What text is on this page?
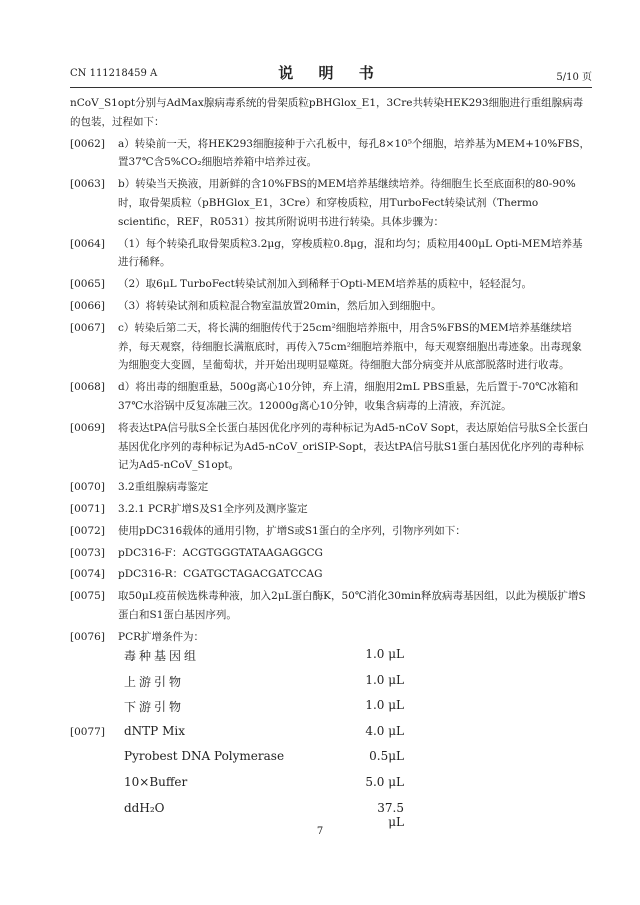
CN 111218459 A	说 明 书	5/10 页
nCoV_S1opt分别与AdMax腺病毒系统的骨架质粒pBHGlox_E1，3Cre共转染HEK293细胞进行重组腺病毒的包装，过程如下：
[0062]	a）转染前一天，将HEK293细胞接种于六孔板中，每孔8×10⁵个细胞，培养基为MEM+10%FBS，置37℃含5%CO₂细胞培养箱中培养过夜。
[0063]	b）转染当天换液，用新鲜的含10%FBS的MEM培养基继续培养。待细胞生长至底面积的80-90%时，取骨架质粒（pBHGlox_E1，3Cre）和穿梭质粒，用TurboFect转染试剂（Thermo scientific，REF，R0531）按其所附说明书进行转染。具体步骤为：
[0064]	（1）每个转染孔取骨架质粒3.2μg，穿梭质粒0.8μg，混和均匀；质粒用400μL Opti-MEM培养基进行稀释。
[0065]	（2）取6μL TurboFect转染试剂加入到稀释于Opti-MEM培养基的质粒中，轻轻混匀。
[0066]	（3）将转染试剂和质粒混合物室温放置20min，然后加入到细胞中。
[0067]	c）转染后第二天，将长满的细胞传代于25cm²细胞培养瓶中，用含5%FBS的MEM培养基继续培养，每天观察，待细胞长满瓶底时，再传入75cm²细胞培养瓶中，每天观察细胞出毒迹象。出毒现象为细胞变大变圆，呈葡萄状，并开始出现明显噬斑。待细胞大部分病变并从底部脱落时进行收毒。
[0068]	d）将出毒的细胞重悬，500g离心10分钟，弃上清，细胞用2mL PBS重悬，先后置于-70℃冰箱和37℃水浴锅中反复冻融三次。12000g离心10分钟，收集含病毒的上清液，弃沉淀。
[0069]	将表达tPA信号肽S全长蛋白基因优化序列的毒种标记为Ad5-nCoV Sopt，表达原始信号肽S全长蛋白基因优化序列的毒种标记为Ad5-nCoV_oriSIP-Sopt，表达tPA信号肽S1蛋白基因优化序列的毒种标记为Ad5-nCoV_S1opt。
[0070]	3.2重组腺病毒鉴定
[0071]	3.2.1 PCR扩增S及S1全序列及测序鉴定
[0072]	使用pDC316载体的通用引物，扩增S或S1蛋白的全序列，引物序列如下：
[0073]	pDC316-F：ACGTGGGTATAAGAGGCG
[0074]	pDC316-R：CGATGCTAGACGATCCAG
[0075]	取50μL疫苗候选株毒种液，加入2μL蛋白酶K，50℃消化30min释放病毒基因组，以此为模版扩增S蛋白和S1蛋白基因序列。
[0076]	PCR扩增条件为：
毒种基因组	1.0 μL
上游引物	1.0 μL
下游引物	1.0 μL
[0077] dNTP Mix	4.0 μL
Pyrobest DNA Polymerase	0.5μL
10×Buffer	5.0 μL
ddH₂O	37.5 μL
7
